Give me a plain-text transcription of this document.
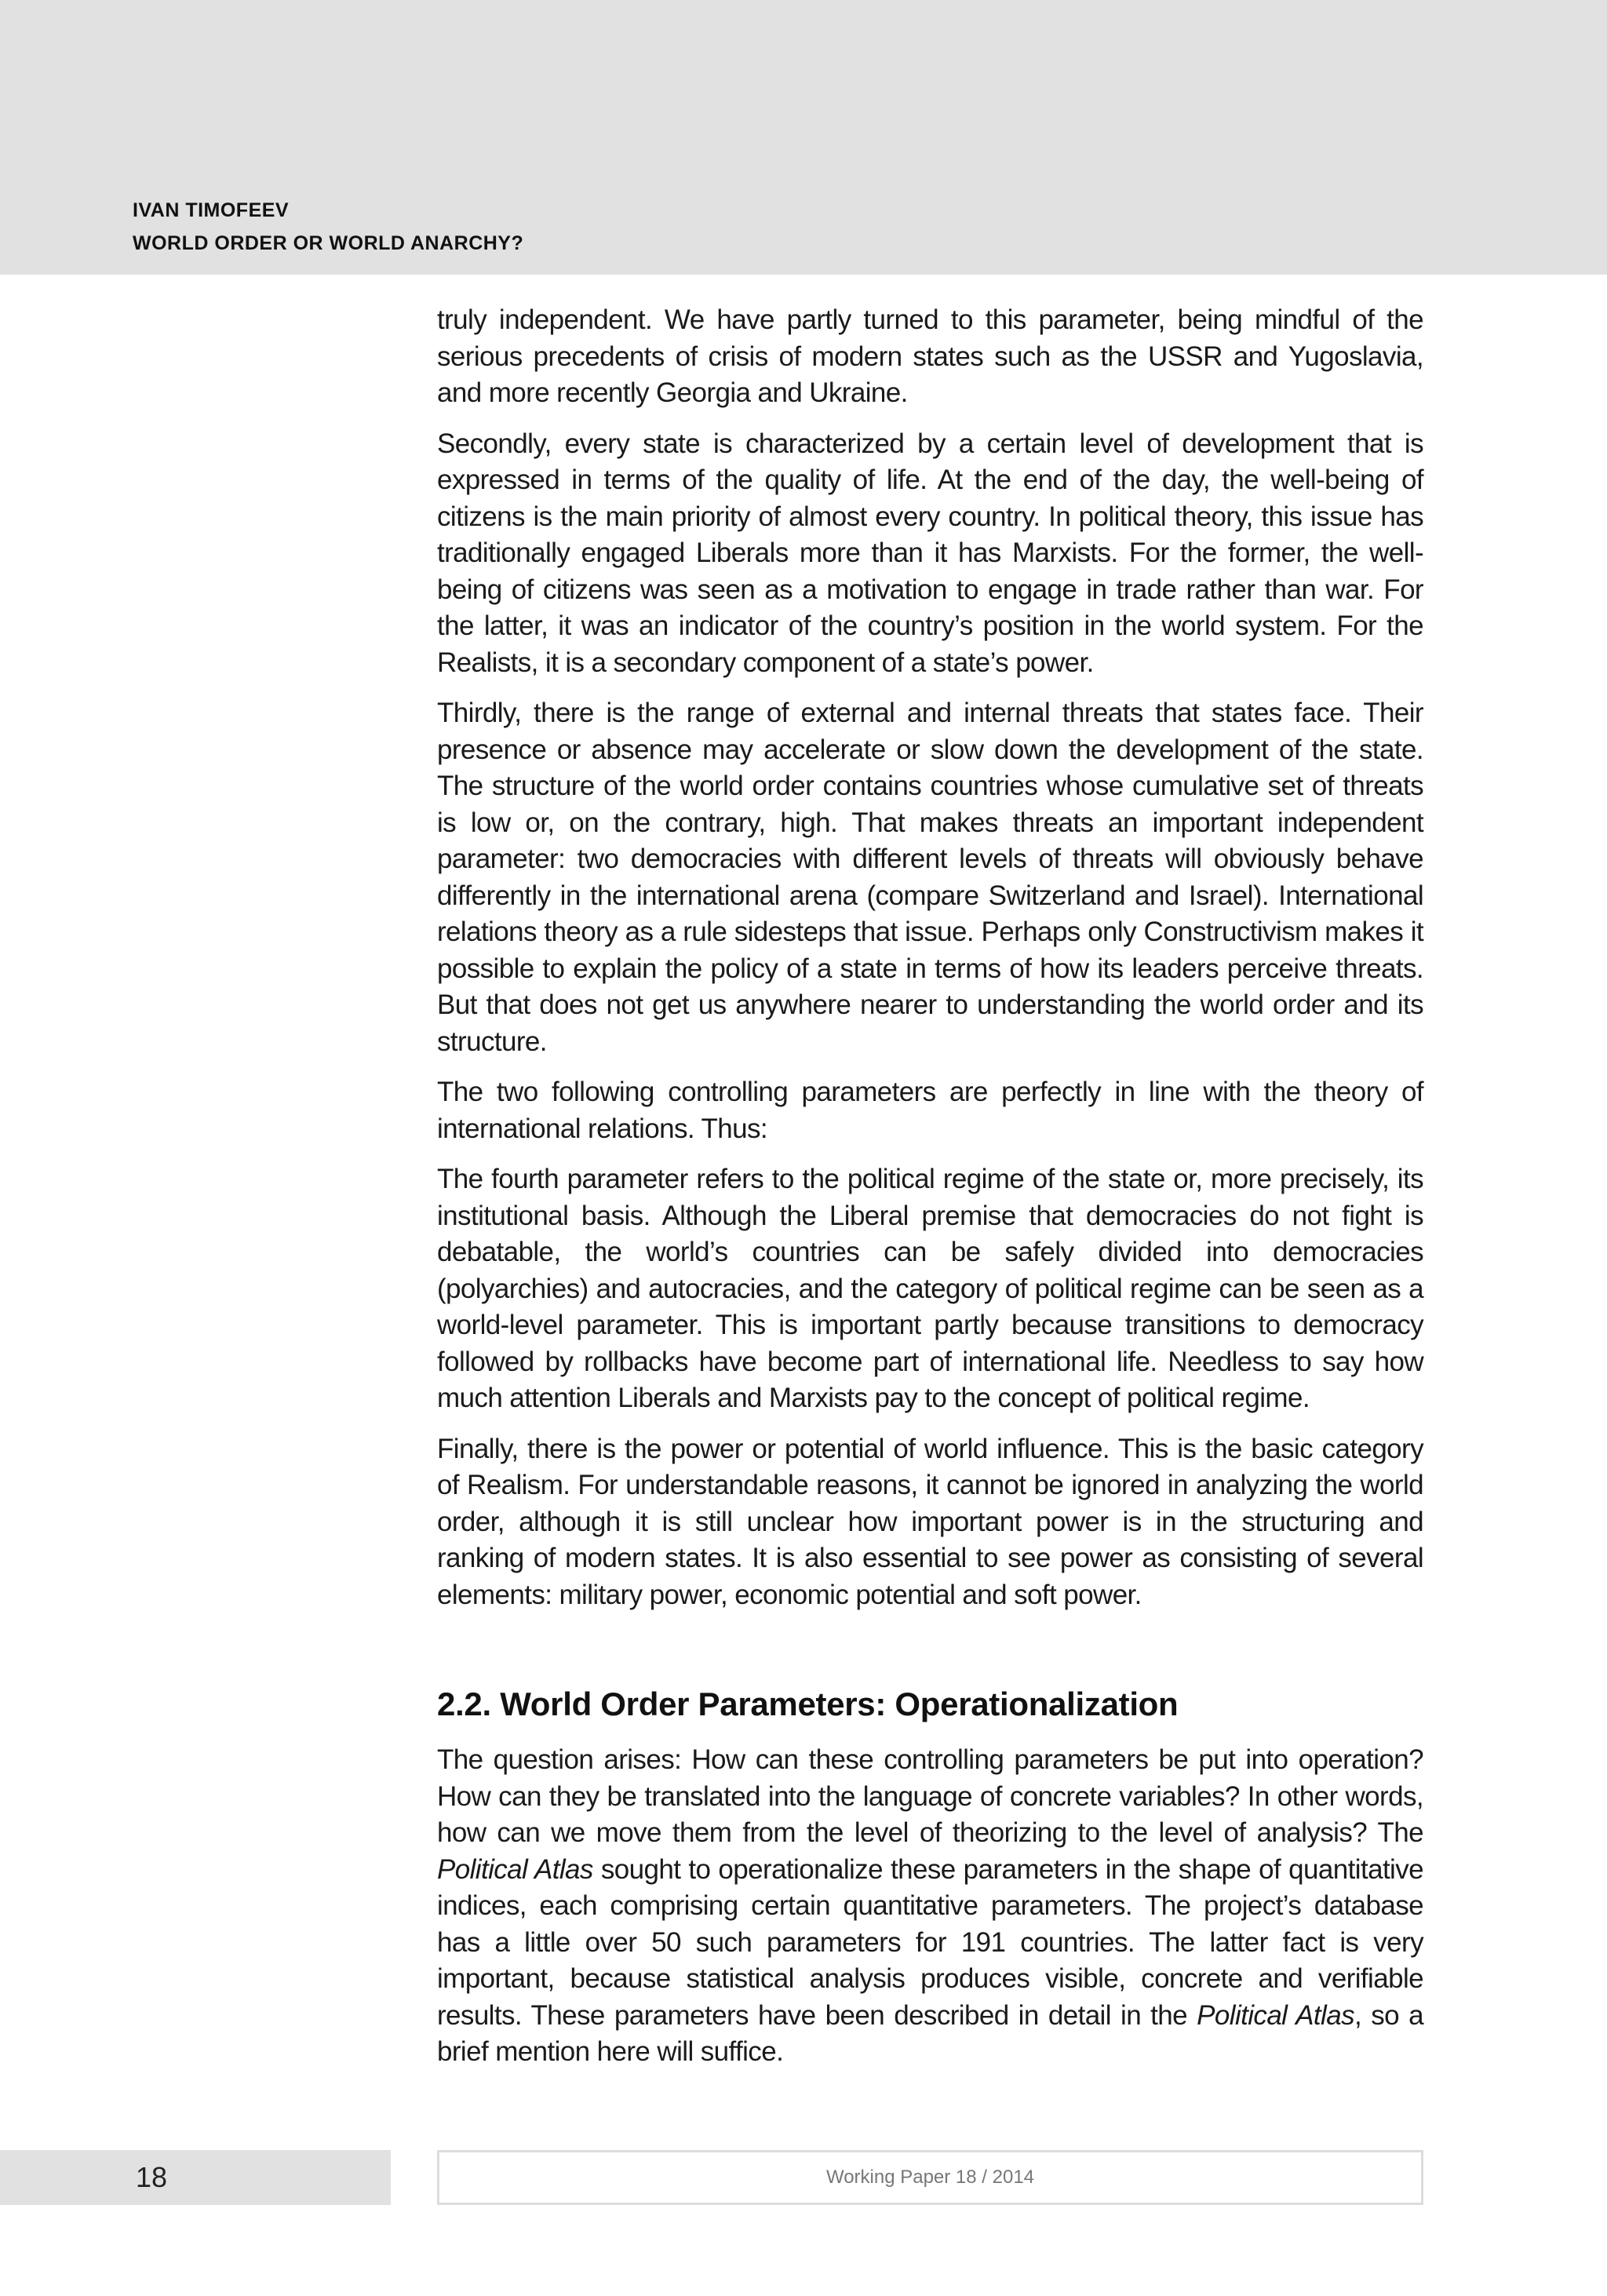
IVAN TIMOFEEV
WORLD ORDER OR WORLD ANARCHY?

truly independent. We have partly turned to this parameter, being mindful of the serious precedents of crisis of modern states such as the USSR and Yugoslavia, and more recently Georgia and Ukraine.

Secondly, every state is characterized by a certain level of development that is expressed in terms of the quality of life. At the end of the day, the well-being of citizens is the main priority of almost every country. In political theory, this issue has traditionally engaged Liberals more than it has Marxists. For the former, the well-being of citizens was seen as a motivation to engage in trade rather than war. For the latter, it was an indicator of the country’s position in the world system. For the Realists, it is a secondary component of a state’s power.

Thirdly, there is the range of external and internal threats that states face. Their presence or absence may accelerate or slow down the development of the state. The structure of the world order contains countries whose cumulative set of threats is low or, on the contrary, high. That makes threats an important independent parameter: two democracies with different levels of threats will obviously behave differently in the international arena (compare Switzerland and Israel). International relations theory as a rule sidesteps that issue. Perhaps only Constructivism makes it possible to explain the policy of a state in terms of how its leaders perceive threats. But that does not get us anywhere nearer to understanding the world order and its structure.

The two following controlling parameters are perfectly in line with the theory of international relations. Thus:

The fourth parameter refers to the political regime of the state or, more precisely, its institutional basis. Although the Liberal premise that democracies do not fight is debatable, the world’s countries can be safely divided into democracies (polyarchies) and autocracies, and the category of political regime can be seen as a world-level parameter. This is important partly because transitions to democracy followed by rollbacks have become part of international life. Needless to say how much attention Liberals and Marxists pay to the concept of political regime.

Finally, there is the power or potential of world influence. This is the basic category of Realism. For understandable reasons, it cannot be ignored in analyzing the world order, although it is still unclear how important power is in the structuring and ranking of modern states. It is also essential to see power as consisting of several elements: military power, economic potential and soft power.

2.2. World Order Parameters: Operationalization

The question arises: How can these controlling parameters be put into operation? How can they be translated into the language of concrete variables? In other words, how can we move them from the level of theorizing to the level of analysis? The Political Atlas sought to operationalize these parameters in the shape of quantitative indices, each comprising certain quantitative parameters. The project’s database has a little over 50 such parameters for 191 countries. The latter fact is very important, because statistical analysis produces visible, concrete and verifiable results. These parameters have been described in detail in the Political Atlas, so a brief mention here will suffice.

18	Working Paper 18 / 2014
